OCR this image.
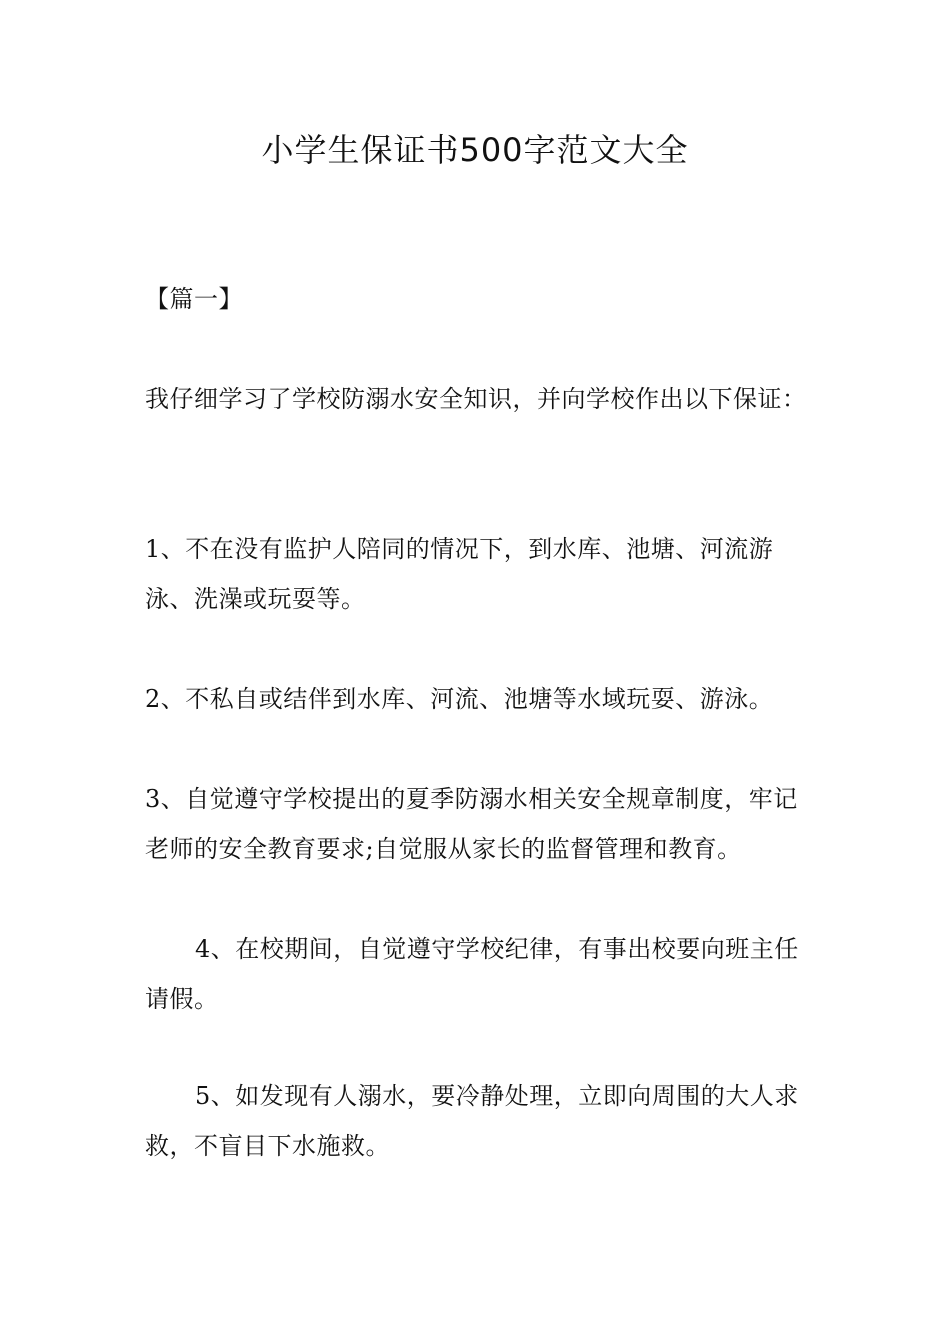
小学生保证书500字范文大全

【篇一】

我仔细学习了学校防溺水安全知识，并向学校作出以下保证：

1、不在没有监护人陪同的情况下，到水库、池塘、河流游泳、洗澡或玩耍等。

2、不私自或结伴到水库、河流、池塘等水域玩耍、游泳。

3、自觉遵守学校提出的夏季防溺水相关安全规章制度，牢记老师的安全教育要求;自觉服从家长的监督管理和教育。

4、在校期间，自觉遵守学校纪律，有事出校要向班主任请假。

5、如发现有人溺水，要冷静处理，立即向周围的大人求救，不盲目下水施救。
